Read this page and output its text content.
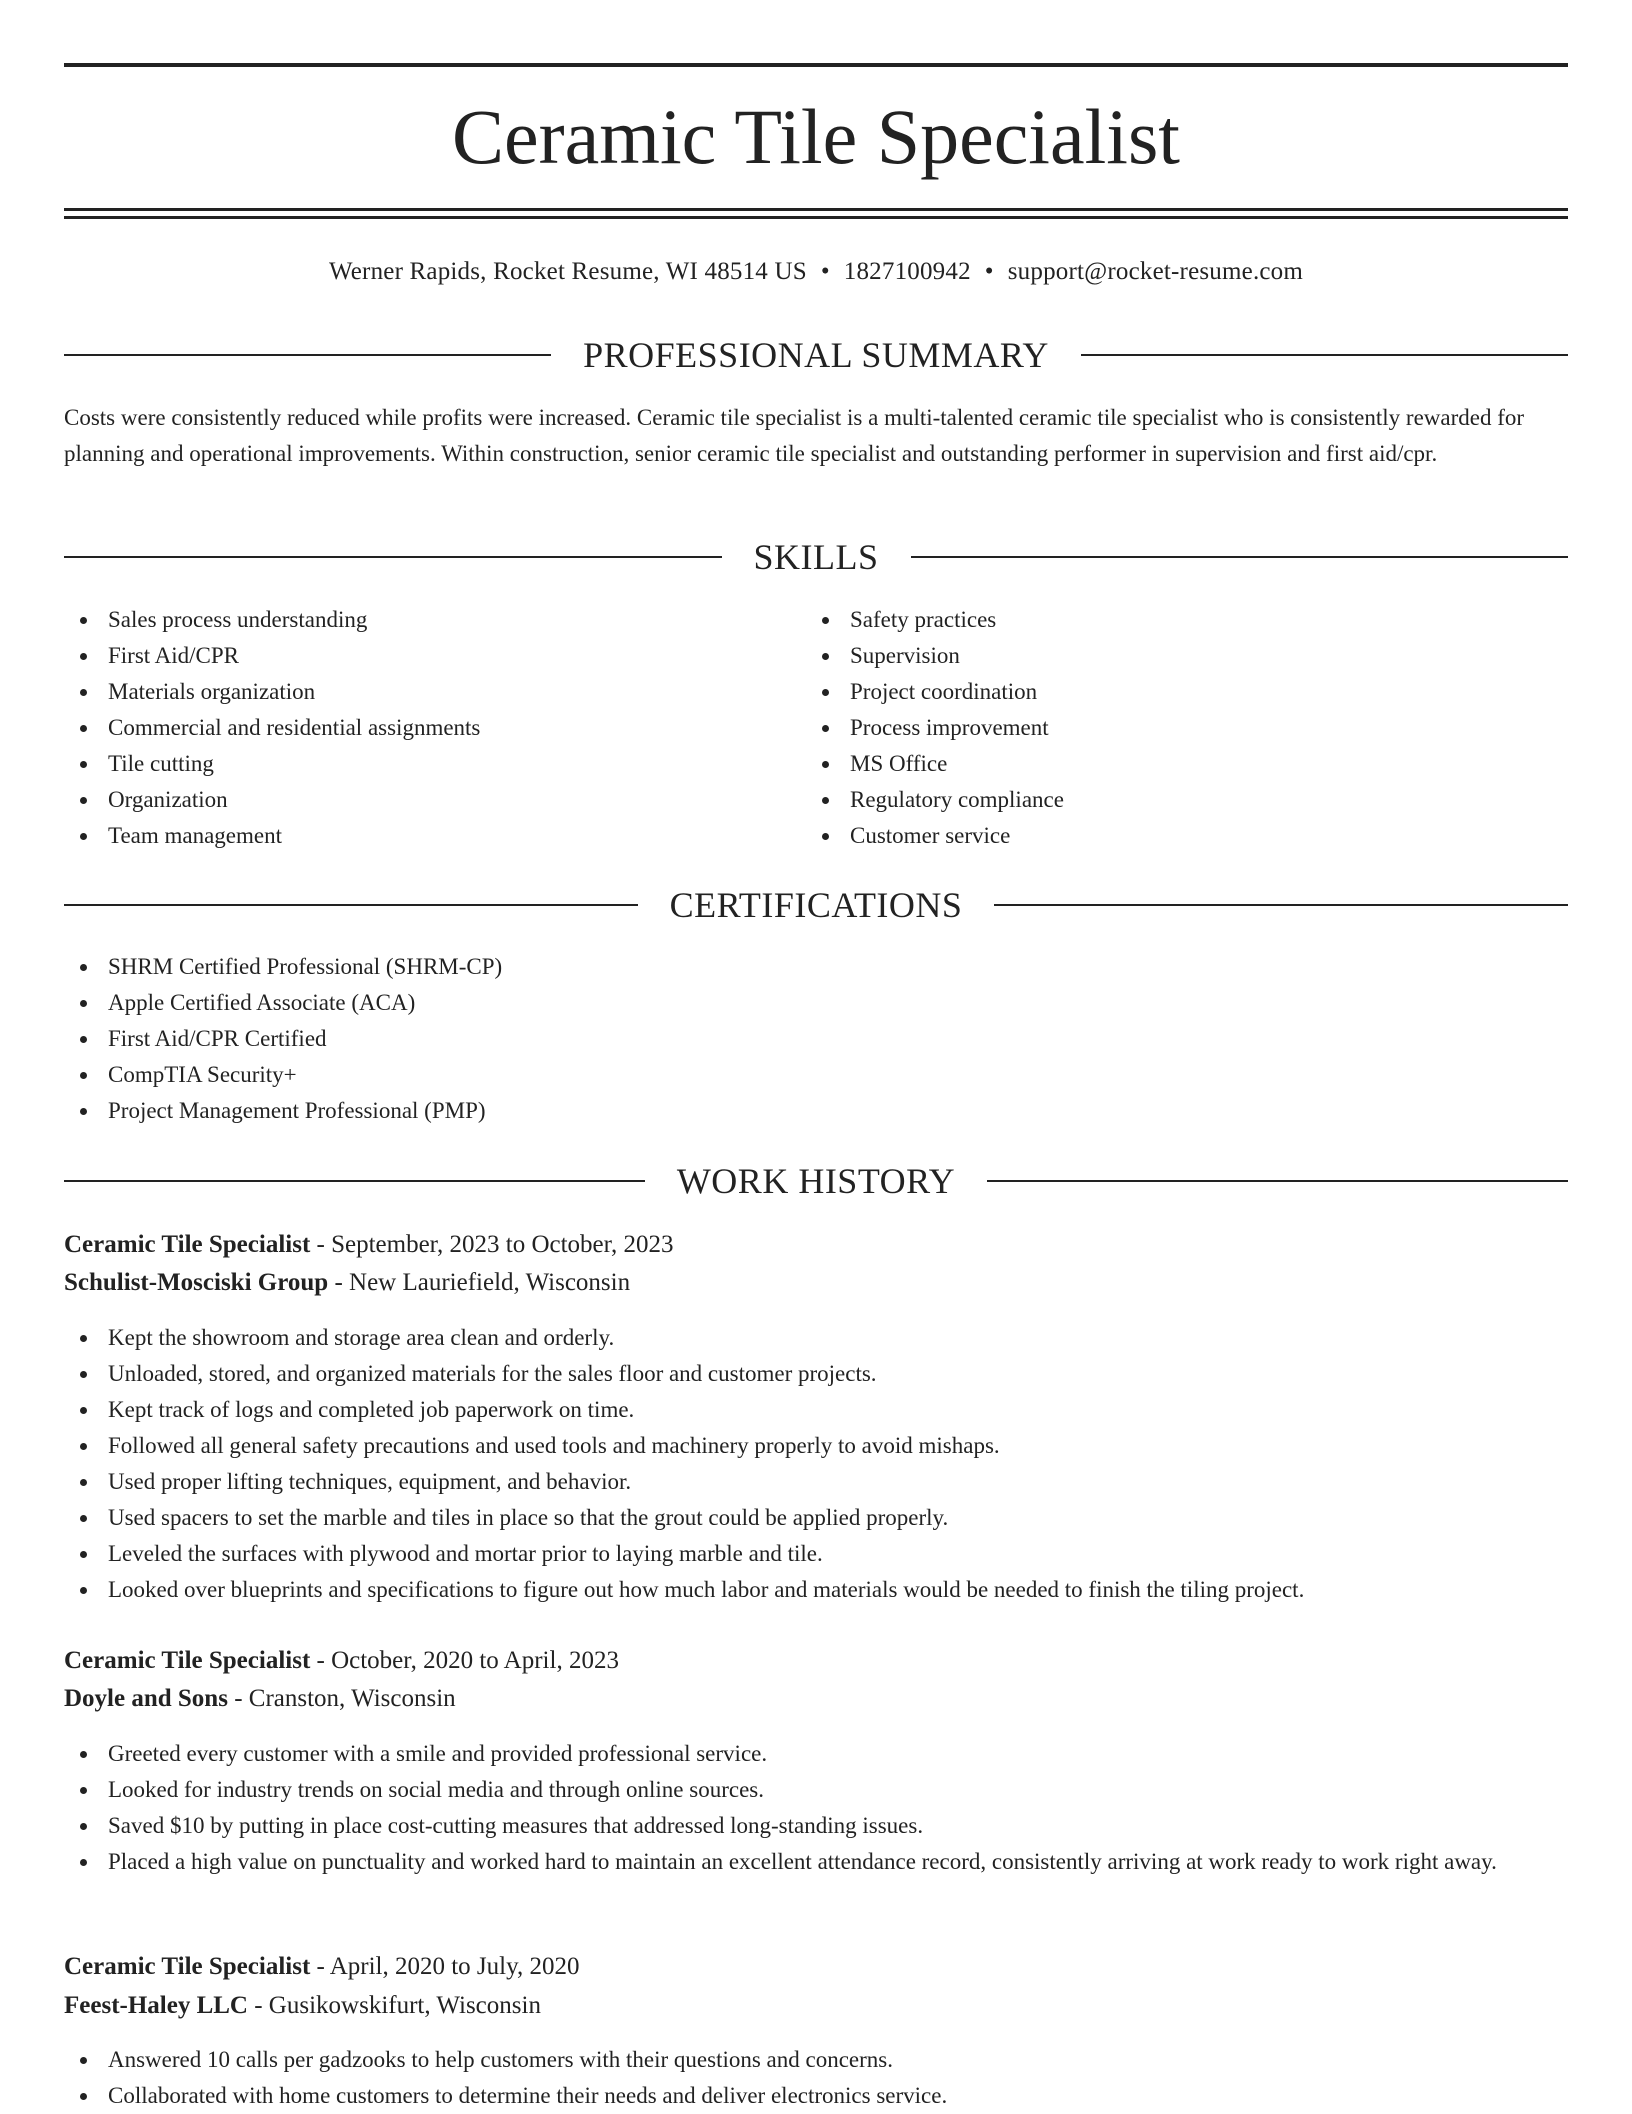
Ceramic Tile Specialist
Werner Rapids, Rocket Resume, WI 48514 US • 1827100942 • support@rocket-resume.com
PROFESSIONAL SUMMARY

Costs were consistently reduced while profits were increased. Ceramic tile specialist is a multi-talented ceramic tile specialist who is consistently rewarded for planning and operational improvements. Within construction, senior ceramic tile specialist and outstanding performer in supervision and first aid/cpr.

SKILLS
Sales process understanding
First Aid/CPR
Materials organization
Commercial and residential assignments
Tile cutting
Organization
Team management
Safety practices
Supervision
Project coordination
Process improvement
MS Office
Regulatory compliance
Customer service
CERTIFICATIONS
SHRM Certified Professional (SHRM-CP)
Apple Certified Associate (ACA)
First Aid/CPR Certified
CompTIA Security+
Project Management Professional (PMP)
WORK HISTORY
Ceramic Tile Specialist - September, 2023 to October, 2023
Schulist-Mosciski Group - New Lauriefield, Wisconsin
Kept the showroom and storage area clean and orderly.
Unloaded, stored, and organized materials for the sales floor and customer projects.
Kept track of logs and completed job paperwork on time.
Followed all general safety precautions and used tools and machinery properly to avoid mishaps.
Used proper lifting techniques, equipment, and behavior.
Used spacers to set the marble and tiles in place so that the grout could be applied properly.
Leveled the surfaces with plywood and mortar prior to laying marble and tile.
Looked over blueprints and specifications to figure out how much labor and materials would be needed to finish the tiling project.
Ceramic Tile Specialist - October, 2020 to April, 2023
Doyle and Sons - Cranston, Wisconsin
Greeted every customer with a smile and provided professional service.
Looked for industry trends on social media and through online sources.
Saved $10 by putting in place cost-cutting measures that addressed long-standing issues.
Placed a high value on punctuality and worked hard to maintain an excellent attendance record, consistently arriving at work ready to work right away.
Ceramic Tile Specialist - April, 2020 to July, 2020
Feest-Haley LLC - Gusikowskifurt, Wisconsin
Answered 10 calls per gadzooks to help customers with their questions and concerns.
Collaborated with home customers to determine their needs and deliver electronics service.
